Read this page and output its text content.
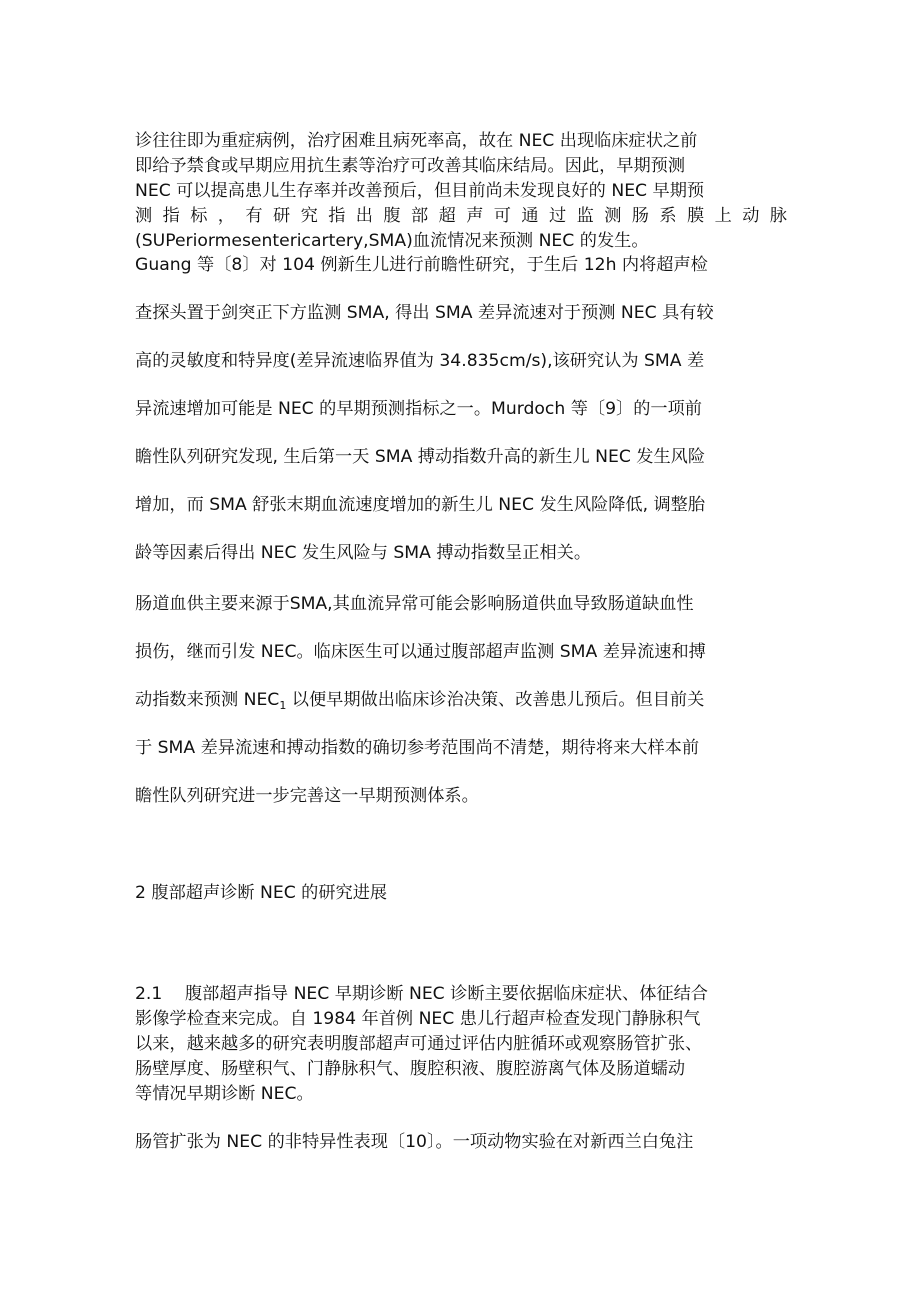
诊往往即为重症病例，治疗困难且病死率高，故在 NEC 出现临床症状之前
即给予禁食或早期应用抗生素等治疗可改善其临床结局。因此，早期预测
NEC 可以提高患儿生存率并改善预后，但目前尚未发现良好的 NEC 早期预
测指标，有研究指出腹部超声可通过监测肠系膜上动脉
(SUPeriormesentericartery,SMA)血流情况来预测 NEC 的发生。
Guang 等〔8〕对 104 例新生儿进行前瞻性研究，于生后 12h 内将超声检
查探头置于剑突正下方监测 SMA, 得出 SMA 差异流速对于预测 NEC 具有较
高的灵敏度和特异度(差异流速临界值为 34.835cm∕s),该研究认为 SMA 差
异流速增加可能是 NEC 的早期预测指标之一。Murdoch 等〔9〕的一项前
瞻性队列研究发现, 生后第一天 SMA 搏动指数升高的新生儿 NEC 发生风险
增加，而 SMA 舒张末期血流速度增加的新生儿 NEC 发生风险降低, 调整胎
龄等因素后得出 NEC 发生风险与 SMA 搏动指数呈正相关。
肠道血供主要来源于SMA,其血流异常可能会影响肠道供血导致肠道缺血性
损伤，继而引发 NEC。临床医生可以通过腹部超声监测 SMA 差异流速和搏
动指数来预测 $NEC_1$ 以便早期做出临床诊治决策、改善患儿预后。但目前关
于 SMA 差异流速和搏动指数的确切参考范围尚不清楚，期待将来大样本前
瞻性队列研究进一步完善这一早期预测体系。
2 腹部超声诊断 NEC 的研究进展
2.1　 腹部超声指导 NEC 早期诊断 NEC 诊断主要依据临床症状、体征结合
影像学检查来完成。自 1984 年首例 NEC 患儿行超声检查发现门静脉积气
以来，越来越多的研究表明腹部超声可通过评估内脏循环或观察肠管扩张、
肠壁厚度、肠壁积气、门静脉积气、腹腔积液、腹腔游离气体及肠道蠕动
等情况早期诊断 NEC。
肠管扩张为 NEC 的非特异性表现〔10〕。一项动物实验在对新西兰白兔注
